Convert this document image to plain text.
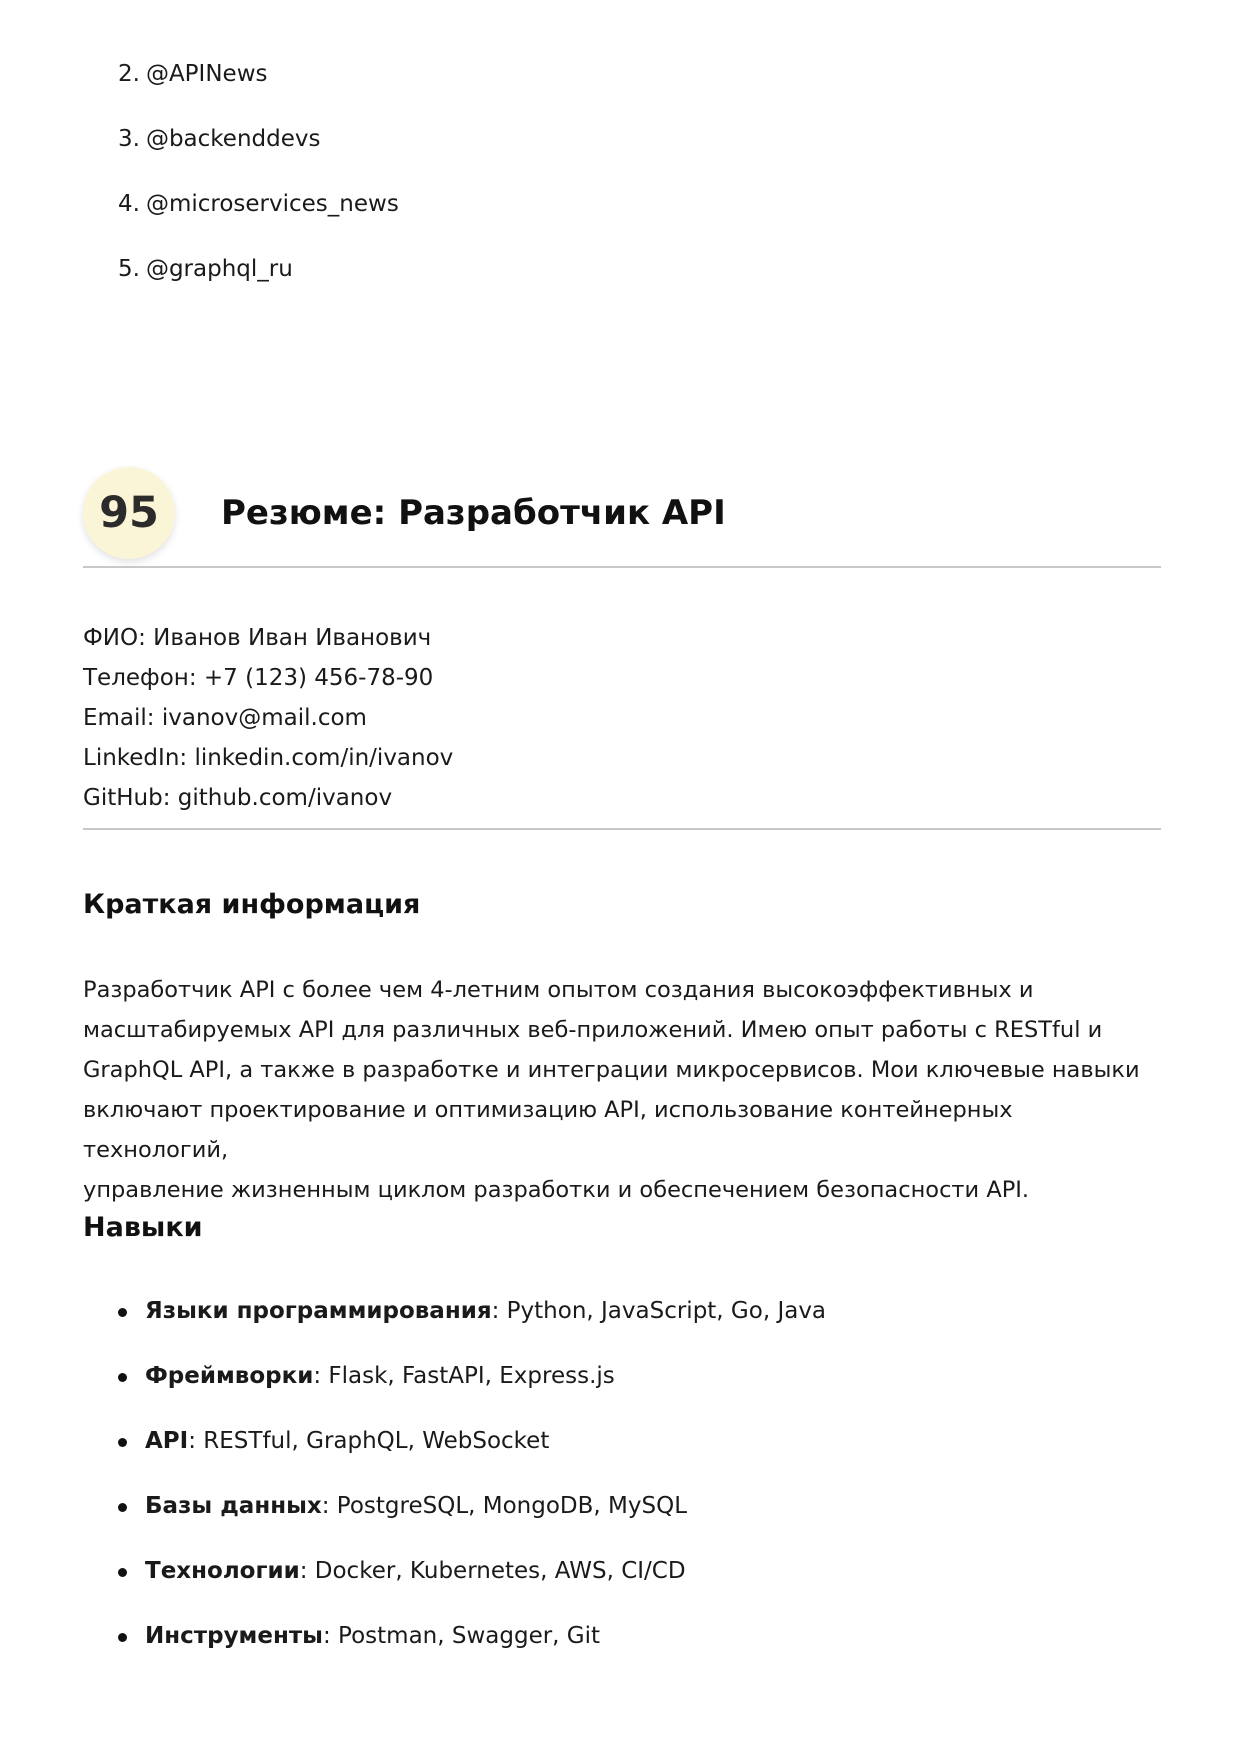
2. @APINews
3. @backenddevs
4. @microservices_news
5. @graphql_ru
95	Резюме: Разработчик API
ФИО: Иванов Иван Иванович
Телефон: +7 (123) 456-78-90
Email: ivanov@mail.com
LinkedIn: linkedin.com/in/ivanov
GitHub: github.com/ivanov
Краткая информация
Разработчик API с более чем 4-летним опытом создания высокоэффективных и
масштабируемых API для различных веб-приложений. Имею опыт работы с RESTful и
GraphQL API, а также в разработке и интеграции микросервисов. Мои ключевые навыки
включают проектирование и оптимизацию API, использование контейнерных технологий,
управление жизненным циклом разработки и обеспечением безопасности API.
Навыки
Языки программирования: Python, JavaScript, Go, Java
Фреймворки: Flask, FastAPI, Express.js
API: RESTful, GraphQL, WebSocket
Базы данных: PostgreSQL, MongoDB, MySQL
Технологии: Docker, Kubernetes, AWS, CI/CD
Инструменты: Postman, Swagger, Git
